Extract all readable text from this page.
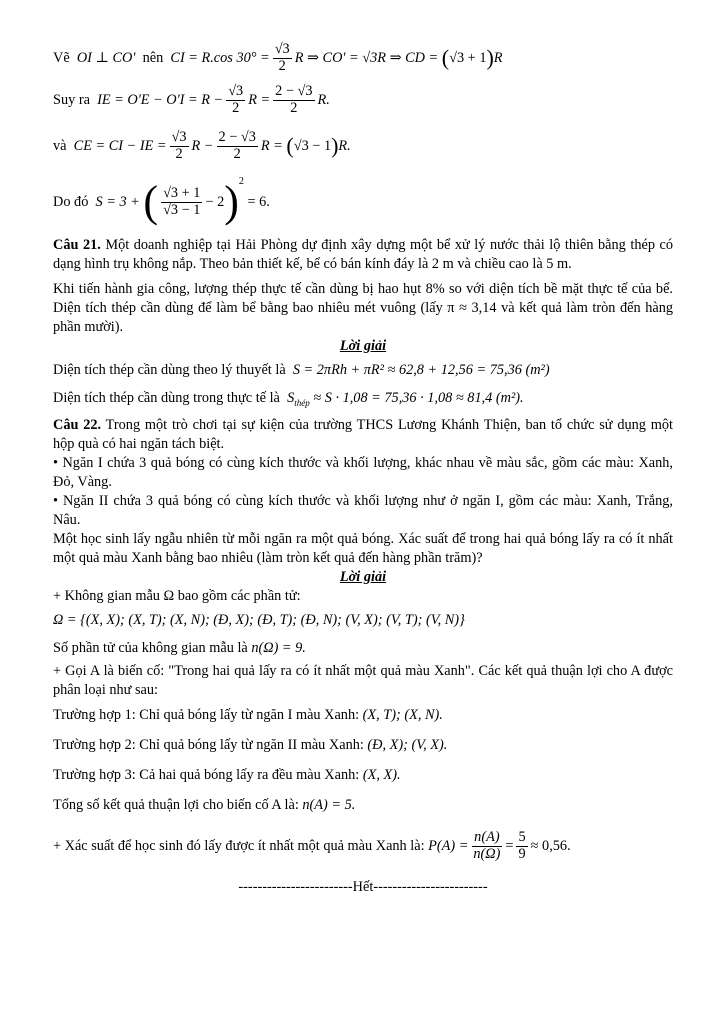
Vẽ
OI ⊥ CO'
nên
CI = R.cos $30^\circ = \frac{√3}{2}$ R ⇒ CO' = √3R ⇒ CD =
( √3 + 1 ) R
Suy ra
IE = $O'E - O'I = R - \frac{√3}{2}$ $R = \frac{2 - √3}{2} R$.
và
CE = CI − IE = $\frac{√3}{2}$ $R - \frac{2 - √3}{2}$ R =
( √3 − 1 ) R.
Do đó
S = 3 +
( $\frac{√3 + 1}{√3 - 1} - 2$ )$^2$

= 6.

Câu 21. Một doanh nghiệp tại Hải Phòng dự định xây dựng một bể xử lý nước thải lộ thiên bằng thép có dạng hình trụ không nắp. Theo bản thiết kế, bể có bán kính đáy là 2 m và chiều cao là 5 m.

Khi tiến hành gia công, lượng thép thực tế cần dùng bị hao hụt 8% so với diện tích bề mặt thực tế của bể. Diện tích thép cần dùng để làm bể bằng bao nhiêu mét vuông (lấy π ≈ 3,14 và kết quả làm tròn đến hàng phần mười).

Lời giải

Diện tích thép cần dùng theo lý thuyết là
S = 2πRh + πR² ≈ 62,8 + 12,56 = 75,36 (m²)
Diện tích thép cần dùng trong thực tế là
$S_{thép}$
≈ S · 1,08 = 75,36 · 1,08 ≈ 81,4 (m²).

Câu 22. Trong một trò chơi tại sự kiện của trường THCS Lương Khánh Thiện, ban tổ chức sử dụng một hộp quà có hai ngăn tách biệt.

• Ngăn I chứa 3 quả bóng có cùng kích thước và khối lượng, khác nhau về màu sắc, gồm các màu: Xanh, Đỏ, Vàng.

• Ngăn II chứa 3 quả bóng có cùng kích thước và khối lượng như ở ngăn I, gồm các màu: Xanh, Trắng, Nâu.

Một học sinh lấy ngẫu nhiên từ mỗi ngăn ra một quả bóng. Xác suất để trong hai quả bóng lấy ra có ít nhất một quả màu Xanh bằng bao nhiêu (làm tròn kết quả đến hàng phần trăm)?

Lời giải

+ Không gian mẫu Ω bao gồm các phần tử:

Ω = {(X, X); (X, T); (X, N); (Đ, X); (Đ, T); (Đ, N); (V, X); (V, T); (V, N)}
Số phần tử của không gian mẫu là
n(Ω) = 9.

+ Gọi A là biến cố: "Trong hai quả lấy ra có ít nhất một quả màu Xanh". Các kết quả thuận lợi cho A được phân loại như sau:

Trường hợp 1: Chỉ quả bóng lấy từ ngăn I màu Xanh:
(X, T); (X, N).
Trường hợp 2: Chỉ quả bóng lấy từ ngăn II màu Xanh:
(Đ, X); (V, X).
Trường hợp 3: Cả hai quả bóng lấy ra đều màu Xanh:
(X, X).
Tổng số kết quả thuận lợi cho biến cố A là:
n(A) = 5.
+ Xác suất để học sinh đó lấy được ít nhất một quả màu Xanh là:
$P(A) = \frac{n(A)}{n(\Omega)} = \frac{5}{9} \approx 0,56$.
------------------------Hết------------------------
